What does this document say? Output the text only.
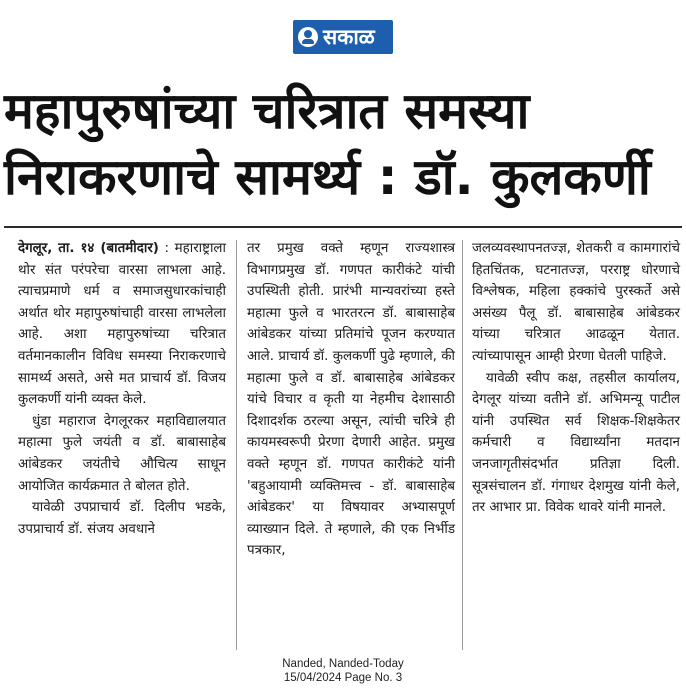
सकाळ
महापुरुषांच्या चरित्रात समस्या
निराकरणाचे सामर्थ्य : डॉ. कुलकर्णी

देगलूर, ता. १४ (बातमीदार) : महाराष्ट्राला थोर संत परंपरेचा वारसा लाभला आहे. त्याचप्रमाणे धर्म व समाजसुधारकांचाही अर्थात थोर महापुरुषांचाही वारसा लाभलेला आहे. अशा महापुरुषांच्या चरित्रात वर्तमानकालीन विविध समस्या निराकरणाचे सामर्थ्य असते, असे मत प्राचार्य डॉ. विजय कुलकर्णी यांनी व्यक्त केले.

धुंडा महाराज देगलूरकर महाविद्यालयात महात्मा फुले जयंती व डॉ. बाबासाहेब आंबेडकर जयंतीचे औचित्य साधून आयोजित कार्यक्रमात ते बोलत होते.

यावेळी उपप्राचार्य डॉ. दिलीप भडके, उपप्राचार्य डॉ. संजय अवधाने

तर प्रमुख वक्ते म्हणून राज्यशास्त्र विभागप्रमुख डॉ. गणपत कारीकंटे यांची उपस्थिती होती. प्रारंभी मान्यवरांच्या हस्ते महात्मा फुले व भारतरत्न डॉ. बाबासाहेब आंबेडकर यांच्या प्रतिमांचे पूजन करण्यात आले. प्राचार्य डॉ. कुलकर्णी पुढे म्हणाले, की महात्मा फुले व डॉ. बाबासाहेब आंबेडकर यांचे विचार व कृती या नेहमीच देशासाठी दिशादर्शक ठरल्या असून, त्यांची चरित्रे ही कायमस्वरूपी प्रेरणा देणारी आहेत. प्रमुख वक्ते म्हणून डॉ. गणपत कारीकंटे यांनी 'बहुआयामी व्यक्तिमत्त्व - डॉ. बाबासाहेब आंबेडकर' या विषयावर अभ्यासपूर्ण व्याख्यान दिले. ते म्हणाले, की एक निर्भीड पत्रकार,

जलव्यवस्थापनतज्ज्ञ, शेतकरी व कामगारांचे हितचिंतक, घटनातज्ज्ञ, परराष्ट्र धोरणाचे विश्लेषक, महिला हक्कांचे पुरस्कर्ते असे असंख्य पैलू डॉ. बाबासाहेब आंबेडकर यांच्या चरित्रात आढळून येतात. त्यांच्यापासून आम्ही प्रेरणा घेतली पाहिजे.

यावेळी स्वीप कक्ष, तहसील कार्यालय, देगलूर यांच्या वतीने डॉ. अभिमन्यू पाटील यांनी उपस्थित सर्व शिक्षक-शिक्षकेतर कर्मचारी व विद्यार्थ्यांना मतदान जनजागृतीसंदर्भात प्रतिज्ञा दिली. सूत्रसंचालन डॉ. गंगाधर देशमुख यांनी केले, तर आभार प्रा. विवेक थावरे यांनी मानले.

Nanded, Nanded-Today
15/04/2024 Page No. 3
